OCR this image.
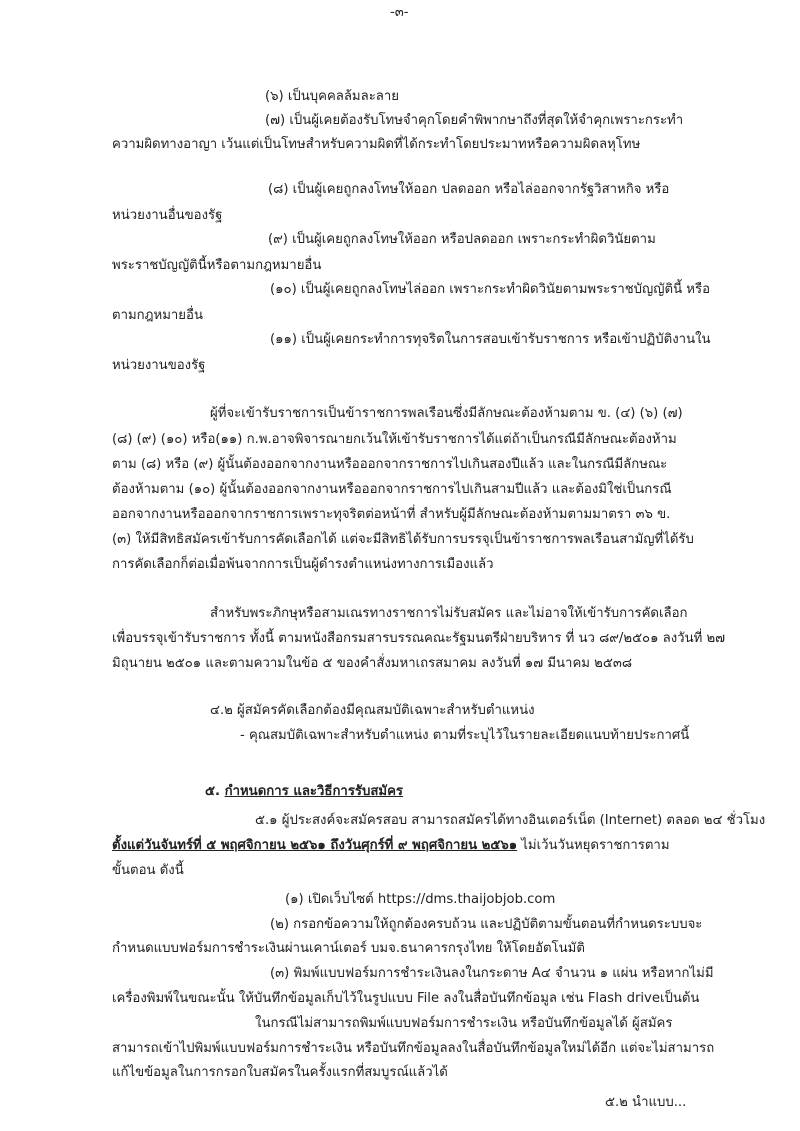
-๓-
(๖) เป็นบุคคลล้มละลาย
(๗) เป็นผู้เคยต้องรับโทษจำคุกโดยคำพิพากษาถึงที่สุดให้จำคุกเพราะกระทำ
ความผิดทางอาญา เว้นแต่เป็นโทษสำหรับความผิดที่ได้กระทำโดยประมาทหรือความผิดลหุโทษ
(๘) เป็นผู้เคยถูกลงโทษให้ออก ปลดออก หรือไล่ออกจากรัฐวิสาหกิจ หรือ
หน่วยงานอื่นของรัฐ
(๙) เป็นผู้เคยถูกลงโทษให้ออก หรือปลดออก เพราะกระทำผิดวินัยตาม
พระราชบัญญัตินี้หรือตามกฎหมายอื่น
(๑๐) เป็นผู้เคยถูกลงโทษไล่ออก เพราะกระทำผิดวินัยตามพระราชบัญญัตินี้ หรือ
ตามกฎหมายอื่น
(๑๑) เป็นผู้เคยกระทำการทุจริตในการสอบเข้ารับราชการ หรือเข้าปฏิบัติงานใน
หน่วยงานของรัฐ
ผู้ที่จะเข้ารับราชการเป็นข้าราชการพลเรือนซึ่งมีลักษณะต้องห้ามตาม ข. (๔) (๖) (๗)
(๘) (๙) (๑๐) หรือ(๑๑) ก.พ.อาจพิจารณายกเว้นให้เข้ารับราชการได้แต่ถ้าเป็นกรณีมีลักษณะต้องห้าม
ตาม (๘) หรือ (๙) ผู้นั้นต้องออกจากงานหรือออกจากราชการไปเกินสองปีแล้ว และในกรณีมีลักษณะ
ต้องห้ามตาม (๑๐) ผู้นั้นต้องออกจากงานหรือออกจากราชการไปเกินสามปีแล้ว และต้องมิใช่เป็นกรณี
ออกจากงานหรือออกจากราชการเพราะทุจริตต่อหน้าที่ สำหรับผู้มีลักษณะต้องห้ามตามมาตรา ๓๖ ข.
(๓) ให้มีสิทธิสมัครเข้ารับการคัดเลือกได้ แต่จะมีสิทธิได้รับการบรรจุเป็นข้าราชการพลเรือนสามัญที่ได้รับ
การคัดเลือกก็ต่อเมื่อพ้นจากการเป็นผู้ดำรงตำแหน่งทางการเมืองแล้ว
สำหรับพระภิกษุหรือสามเณรทางราชการไม่รับสมัคร และไม่อาจให้เข้ารับการคัดเลือก
เพื่อบรรจุเข้ารับราชการ ทั้งนี้ ตามหนังสือกรมสารบรรณคณะรัฐมนตรีฝ่ายบริหาร ที่ นว ๘๙/๒๕๐๑ ลงวันที่ ๒๗
มิถุนายน ๒๕๐๑ และตามความในข้อ ๕ ของคำสั่งมหาเถรสมาคม ลงวันที่ ๑๗ มีนาคม ๒๕๓๘
๔.๒ ผู้สมัครคัดเลือกต้องมีคุณสมบัติเฉพาะสำหรับตำแหน่ง
- คุณสมบัติเฉพาะสำหรับตำแหน่ง ตามที่ระบุไว้ในรายละเอียดแนบท้ายประกาศนี้
๕. กำหนดการ และวิธีการรับสมัคร
๕.๑ ผู้ประสงค์จะสมัครสอบ สามารถสมัครได้ทางอินเตอร์เน็ต (Internet) ตลอด ๒๔ ชั่วโมง
ตั้งแต่วันจันทร์ที่ ๕ พฤศจิกายน ๒๕๖๑ ถึงวันศุกร์ที่ ๙ พฤศจิกายน ๒๕๖๑ ไม่เว้นวันหยุดราชการตาม
ขั้นตอน ดังนี้
(๑) เปิดเว็บไซต์ https://dms.thaijobjob.com
(๒) กรอกข้อความให้ถูกต้องครบถ้วน และปฏิบัติตามขั้นตอนที่กำหนดระบบจะ
กำหนดแบบฟอร์มการชำระเงินผ่านเคาน์เตอร์ บมจ.ธนาคารกรุงไทย ให้โดยอัตโนมัติ
(๓) พิมพ์แบบฟอร์มการชำระเงินลงในกระดาษ A๔ จำนวน ๑ แผ่น หรือหากไม่มี
เครื่องพิมพ์ในขณะนั้น ให้บันทึกข้อมูลเก็บไว้ในรูปแบบ File ลงในสื่อบันทึกข้อมูล เช่น Flash driveเป็นต้น
ในกรณีไม่สามารถพิมพ์แบบฟอร์มการชำระเงิน หรือบันทึกข้อมูลได้ ผู้สมัคร
สามารถเข้าไปพิมพ์แบบฟอร์มการชำระเงิน หรือบันทึกข้อมูลลงในสื่อบันทึกข้อมูลใหม่ได้อีก แต่จะไม่สามารถ
แก้ไขข้อมูลในการกรอกใบสมัครในครั้งแรกที่สมบูรณ์แล้วได้
๕.๒ นำแบบ...
